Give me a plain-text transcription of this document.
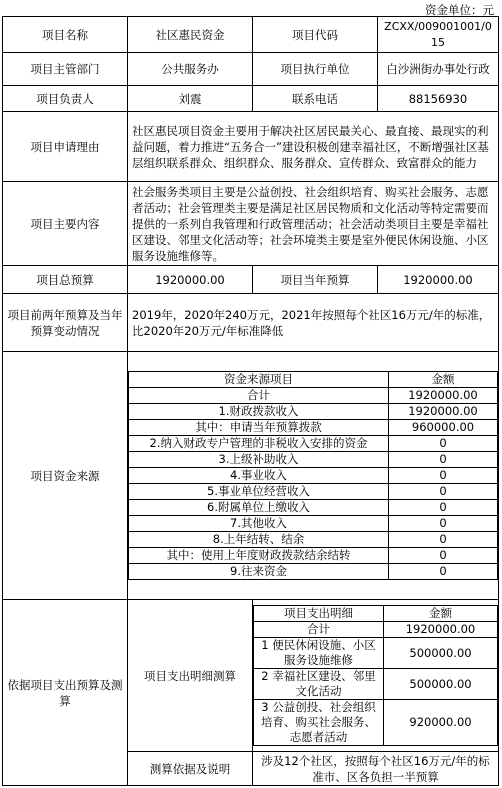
资金单位：元
项目名称	社区惠民资金	项目代码	ZCXX/009001001/015
项目主管部门	公共服务办	项目执行单位	白沙洲街办事处行政
项目负责人	刘震	联系电话	88156930
项目申请理由	社区惠民项目资金主要用于解决社区居民最关心、最直接、最现实的利益问题，着力推进“五务合一”建设积极创建幸福社区，不断增强社区基层组织联系群众、组织群众、服务群众、宣传群众、致富群众的能力
项目主要内容	社会服务类项目主要是公益创投、社会组织培育、购买社会服务、志愿者活动；社会管理类主要是满足社区居民物质和文化活动等特定需要而提供的一系列自我管理和行政管理活动；社会活动类项目主要是幸福社区建设、邻里文化活动等；社会环境类主要是室外便民休闲设施、小区服务设施维修等。
项目总预算	1920000.00	项目当年预算	1920000.00
项目前两年预算及当年预算变动情况	2019年，2020年240万元，2021年按照每个社区16万元/年的标准，比2020年20万元/年标准降低
项目资金来源	
资金来源项目	金额
合计	1920000.00
1.财政拨款收入	1920000.00
其中：申请当年预算拨款	960000.00
2.纳入财政专户管理的非税收入安排的资金	0
3.上级补助收入	0
4.事业收入	0
5.事业单位经营收入	0
6.附属单位上缴收入	0
7.其他收入	0
8.上年结转、结余	0
其中：使用上年度财政拨款结余结转	0
9.往来资金	0

依据项目支出预算及测算	项目支出明细测算	
项目支出明细	金额
合计	1920000.00
1 便民休闲设施、小区服务设施维修	500000.00
2 幸福社区建设、邻里文化活动	500000.00
3 公益创投、社会组织培育、购买社会服务、志愿者活动	920000.00

测算依据及说明	涉及12个社区，按照每个社区16万元/年的标准市、区各负担一半预算
